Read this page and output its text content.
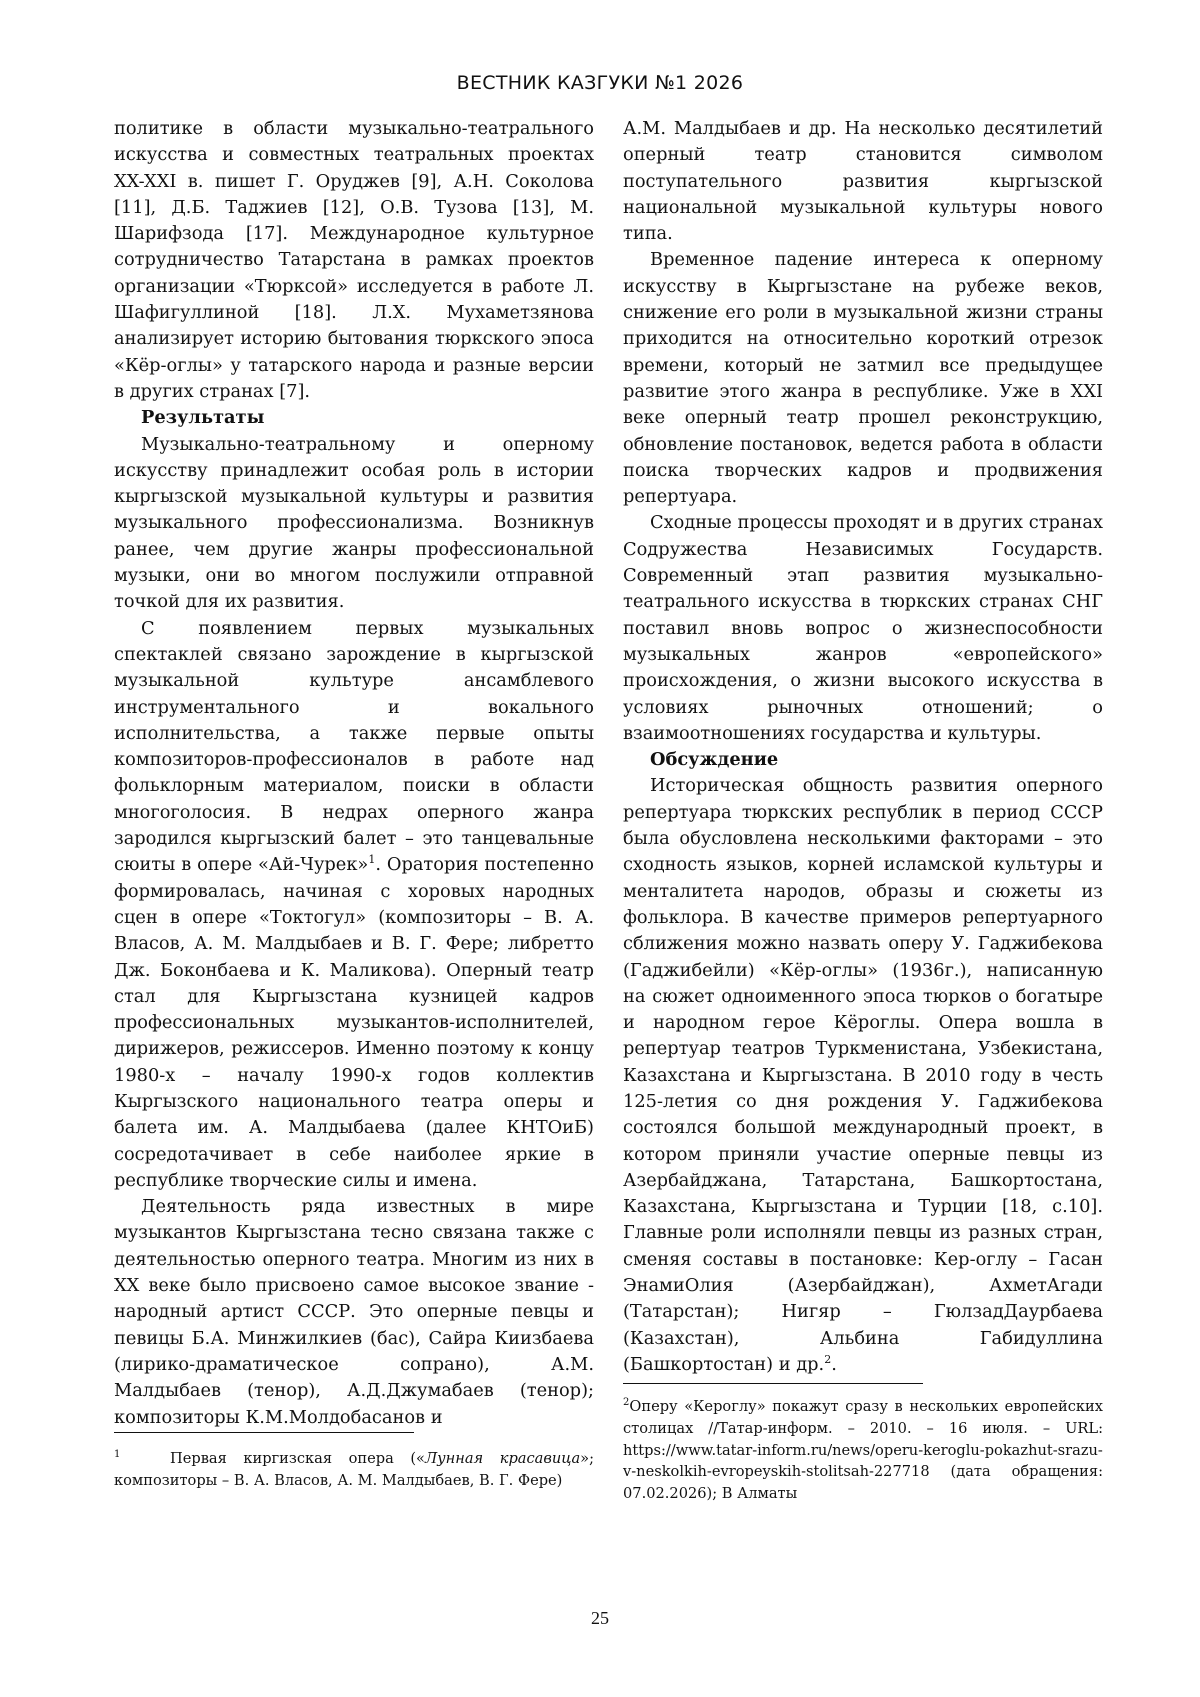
ВЕСТНИК КАЗГУКИ №1 2026

политике в области музыкально-театрального искусства и совместных театральных проектах XX-XXI в. пишет Г. Оруджев [9], А.Н. Соколова [11], Д.Б. Таджиев [12], О.В. Тузова [13], М. Шарифзода [17]. Международное культурное сотрудничество Татарстана в рамках проектов организации «Тюрксой» исследуется в работе Л. Шафигуллиной [18]. Л.Х. Мухаметзянова анализирует историю бытования тюркского эпоса «Кёр-оглы» у татарского народа и разные версии в других странах [7].

Результаты

Музыкально-театральному и оперному искусству принадлежит особая роль в истории кыргызской музыкальной культуры и развития музыкального профессионализма. Возникнув ранее, чем другие жанры профессиональной музыки, они во многом послужили отправной точкой для их развития.

С появлением первых музыкальных спектаклей связано зарождение в кыргызской музыкальной культуре ансамблевого инструментального и вокального исполнительства, а также первые опыты композиторов-профессионалов в работе над фольклорным материалом, поиски в области многоголосия. В недрах оперного жанра зародился кыргызский балет – это танцевальные сюиты в опере «Ай-Чурек»$^1$. Оратория постепенно формировалась, начиная с хоровых народных сцен в опере «Токтогул» (композиторы – В. А. Власов, А. М. Малдыбаев и В. Г. Фере; либретто Дж. Боконбаева и К. Маликова). Оперный театр стал для Кыргызстана кузницей кадров профессиональных музыкантов-исполнителей, дирижеров, режиссеров. Именно поэтому к концу 1980-х – началу 1990-х годов коллектив Кыргызского национального театра оперы и балета им. А. Малдыбаева (далее КНТОиБ) сосредотачивает в себе наиболее яркие в республике творческие силы и имена.

Деятельность ряда известных в мире музыкантов Кыргызстана тесно связана также с деятельностью оперного театра. Многим из них в XX веке было присвоено самое высокое звание - народный артист СССР. Это оперные певцы и певицы Б.А. Минжилкиев (бас), Сайра Киизбаева (лирико-драматическое сопрано), А.М. Малдыбаев (тенор), А.Д.Джумабаев (тенор); композиторы К.М.Молдобасанов и

А.М. Малдыбаев и др. На несколько десятилетий оперный театр становится символом поступательного развития кыргызской национальной музыкальной культуры нового типа.

Временное падение интереса к оперному искусству в Кыргызстане на рубеже веков, снижение его роли в музыкальной жизни страны приходится на относительно короткий отрезок времени, который не затмил все предыдущее развитие этого жанра в республике. Уже в XXI веке оперный театр прошел реконструкцию, обновление постановок, ведется работа в области поиска творческих кадров и продвижения репертуара.

Сходные процессы проходят и в других странах Содружества Независимых Государств. Современный этап развития музыкально-театрального искусства в тюркских странах СНГ поставил вновь вопрос о жизнеспособности музыкальных жанров «европейского» происхождения, о жизни высокого искусства в условиях рыночных отношений; о взаимоотношениях государства и культуры.

Обсуждение

Историческая общность развития оперного репертуара тюркских республик в период СССР была обусловлена несколькими факторами – это сходность языков, корней исламской культуры и менталитета народов, образы и сюжеты из фольклора. В качестве примеров репертуарного сближения можно назвать оперу У. Гаджибекова (Гаджибейли) «Кёр-оглы» (1936г.), написанную на сюжет одноименного эпоса тюрков о богатыре и народном герое Кёроглы. Опера вошла в репертуар театров Туркменистана, Узбекистана, Казахстана и Кыргызстана. В 2010 году в честь 125-летия со дня рождения У. Гаджибекова состоялся большой международный проект, в котором приняли участие оперные певцы из Азербайджана, Татарстана, Башкортостана, Казахстана, Кыргызстана и Турции [18, с.10]. Главные роли исполняли певцы из разных стран, сменяя составы в постановке: Кер-оглу – Гасан ЭнамиОлия (Азербайджан), АхметАгади (Татарстан); Нигяр – ГюлзадДаурбаева (Казахстан), Альбина Габидуллина (Башкортостан) и др.$^2$.

$^1$	Первая киргизская опера («Лунная красавица»; композиторы – В. А. Власов, А. М. Малдыбаев, В. Г. Фере)
$^2$Оперу «Кероглу» покажут сразу в нескольких европейских столицах //Татар-информ. – 2010. – 16 июля. – URL: https://www.tatar-inform.ru/news/operu-keroglu-pokazhut-srazu-v-neskolkih-evropeyskih-stolitsah-227718 (дата обращения: 07.02.2026); В Алматы
25
